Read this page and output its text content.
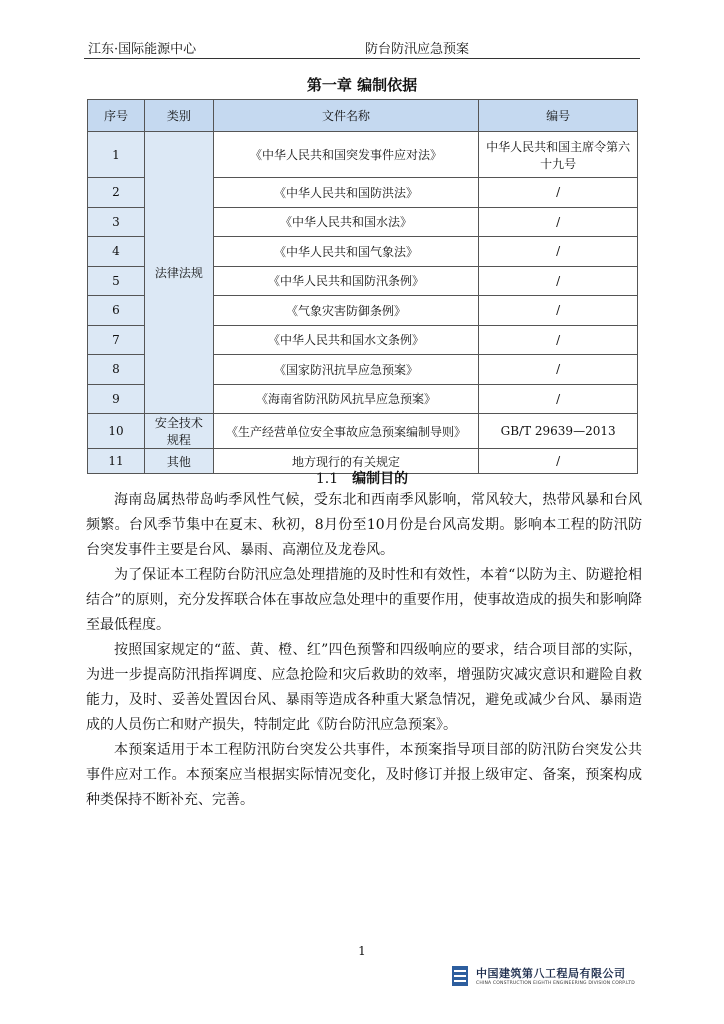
江东·国际能源中心	防台防汛应急预案
第一章 编制依据
序号	类别	文件名称	编号
1	法律法规	《中华人民共和国突发事件应对法》	中华人民共和国主席令第六十九号
2		《中华人民共和国防洪法》	/
3		《中华人民共和国水法》	/
4		《中华人民共和国气象法》	/
5		《中华人民共和国防汛条例》	/
6		《气象灾害防御条例》	/
7		《中华人民共和国水文条例》	/
8		《国家防汛抗旱应急预案》	/
9		《海南省防汛防风抗旱应急预案》	/
10	安全技术规程	《生产经营单位安全事故应急预案编制导则》	GB/T 29639—2013
11	其他	地方现行的有关规定	/
1.1 编制目的

海南岛属热带岛屿季风性气候，受东北和西南季风影响，常风较大，热带风暴和台风频繁。台风季节集中在夏末、秋初，8月份至10月份是台风高发期。影响本工程的防汛防台突发事件主要是台风、暴雨、高潮位及龙卷风。

为了保证本工程防台防汛应急处理措施的及时性和有效性，本着“以防为主、防避抢相结合”的原则，充分发挥联合体在事故应急处理中的重要作用，使事故造成的损失和影响降至最低程度。

按照国家规定的“蓝、黄、橙、红”四色预警和四级响应的要求，结合项目部的实际，为进一步提高防汛指挥调度、应急抢险和灾后救助的效率，增强防灾减灾意识和避险自救能力，及时、妥善处置因台风、暴雨等造成各种重大紧急情况，避免或减少台风、暴雨造成的人员伤亡和财产损失，特制定此《防台防汛应急预案》。

本预案适用于本工程防汛防台突发公共事件，本预案指导项目部的防汛防台突发公共事件应对工作。本预案应当根据实际情况变化，及时修订并报上级审定、备案，预案构成种类保持不断补充、完善。

1
中国建筑第八工程局有限公司
CHINA CONSTRUCTION EIGHTH ENGINEERING DIVISION CORP.LTD
